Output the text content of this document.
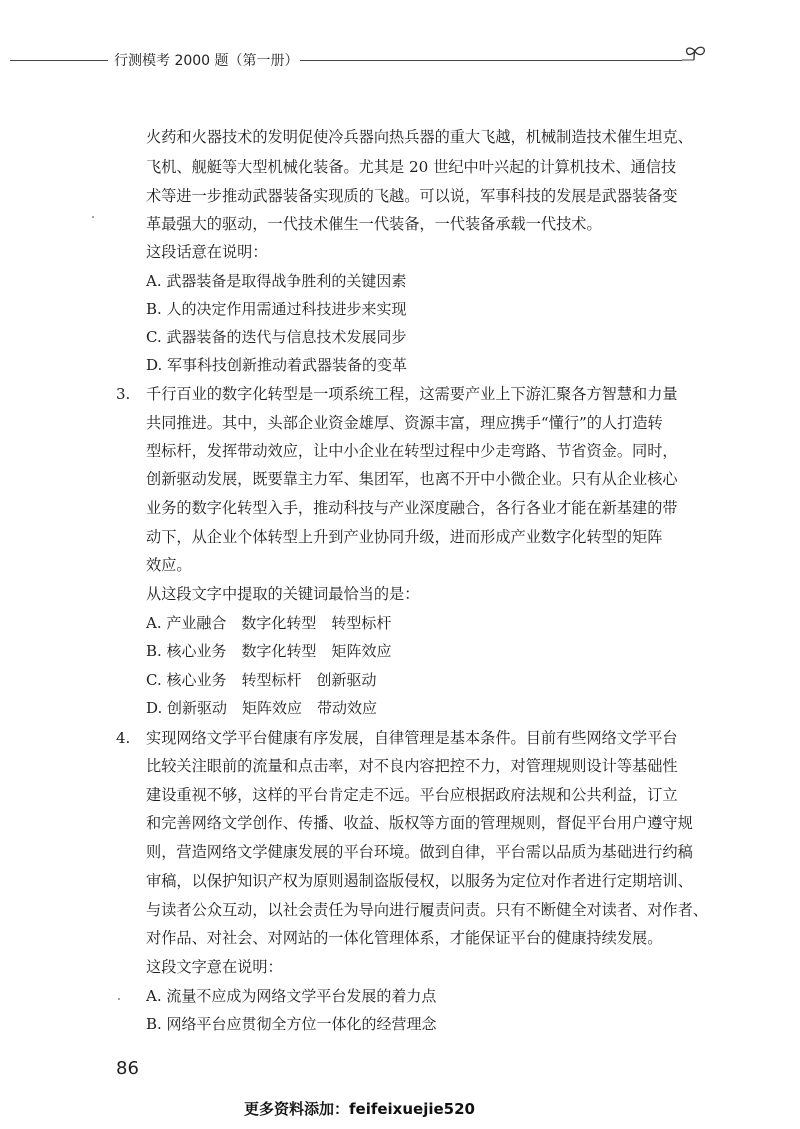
行测模考 2000 题（第一册）
火药和火器技术的发明促使冷兵器向热兵器的重大飞越，机械制造技术催生坦克、
飞机、舰艇等大型机械化装备。尤其是 20 世纪中叶兴起的计算机技术、通信技
术等进一步推动武器装备实现质的飞越。可以说，军事科技的发展是武器装备变
革最强大的驱动，一代技术催生一代装备，一代装备承载一代技术。
这段话意在说明：
A. 武器装备是取得战争胜利的关键因素
B. 人的决定作用需通过科技进步来实现
C. 武器装备的迭代与信息技术发展同步
D. 军事科技创新推动着武器装备的变革
3. 千行百业的数字化转型是一项系统工程，这需要产业上下游汇聚各方智慧和力量
共同推进。其中，头部企业资金雄厚、资源丰富，理应携手“懂行”的人打造转
型标杆，发挥带动效应，让中小企业在转型过程中少走弯路、节省资金。同时，
创新驱动发展，既要靠主力军、集团军，也离不开中小微企业。只有从企业核心
业务的数字化转型入手，推动科技与产业深度融合，各行各业才能在新基建的带
动下，从企业个体转型上升到产业协同升级，进而形成产业数字化转型的矩阵
效应。
从这段文字中提取的关键词最恰当的是：
A. 产业融合　数字化转型　转型标杆
B. 核心业务　数字化转型　矩阵效应
C. 核心业务　转型标杆　创新驱动
D. 创新驱动　矩阵效应　带动效应
4. 实现网络文学平台健康有序发展，自律管理是基本条件。目前有些网络文学平台
比较关注眼前的流量和点击率，对不良内容把控不力，对管理规则设计等基础性
建设重视不够，这样的平台肯定走不远。平台应根据政府法规和公共利益，订立
和完善网络文学创作、传播、收益、版权等方面的管理规则，督促平台用户遵守规
则，营造网络文学健康发展的平台环境。做到自律，平台需以品质为基础进行约稿
审稿，以保护知识产权为原则遏制盗版侵权，以服务为定位对作者进行定期培训、
与读者公众互动，以社会责任为导向进行履责问责。只有不断健全对读者、对作者、
对作品、对社会、对网站的一体化管理体系，才能保证平台的健康持续发展。
这段文字意在说明：
A. 流量不应成为网络文学平台发展的着力点
B. 网络平台应贯彻全方位一体化的经营理念
86
更多资料添加：feifeixuejie520
